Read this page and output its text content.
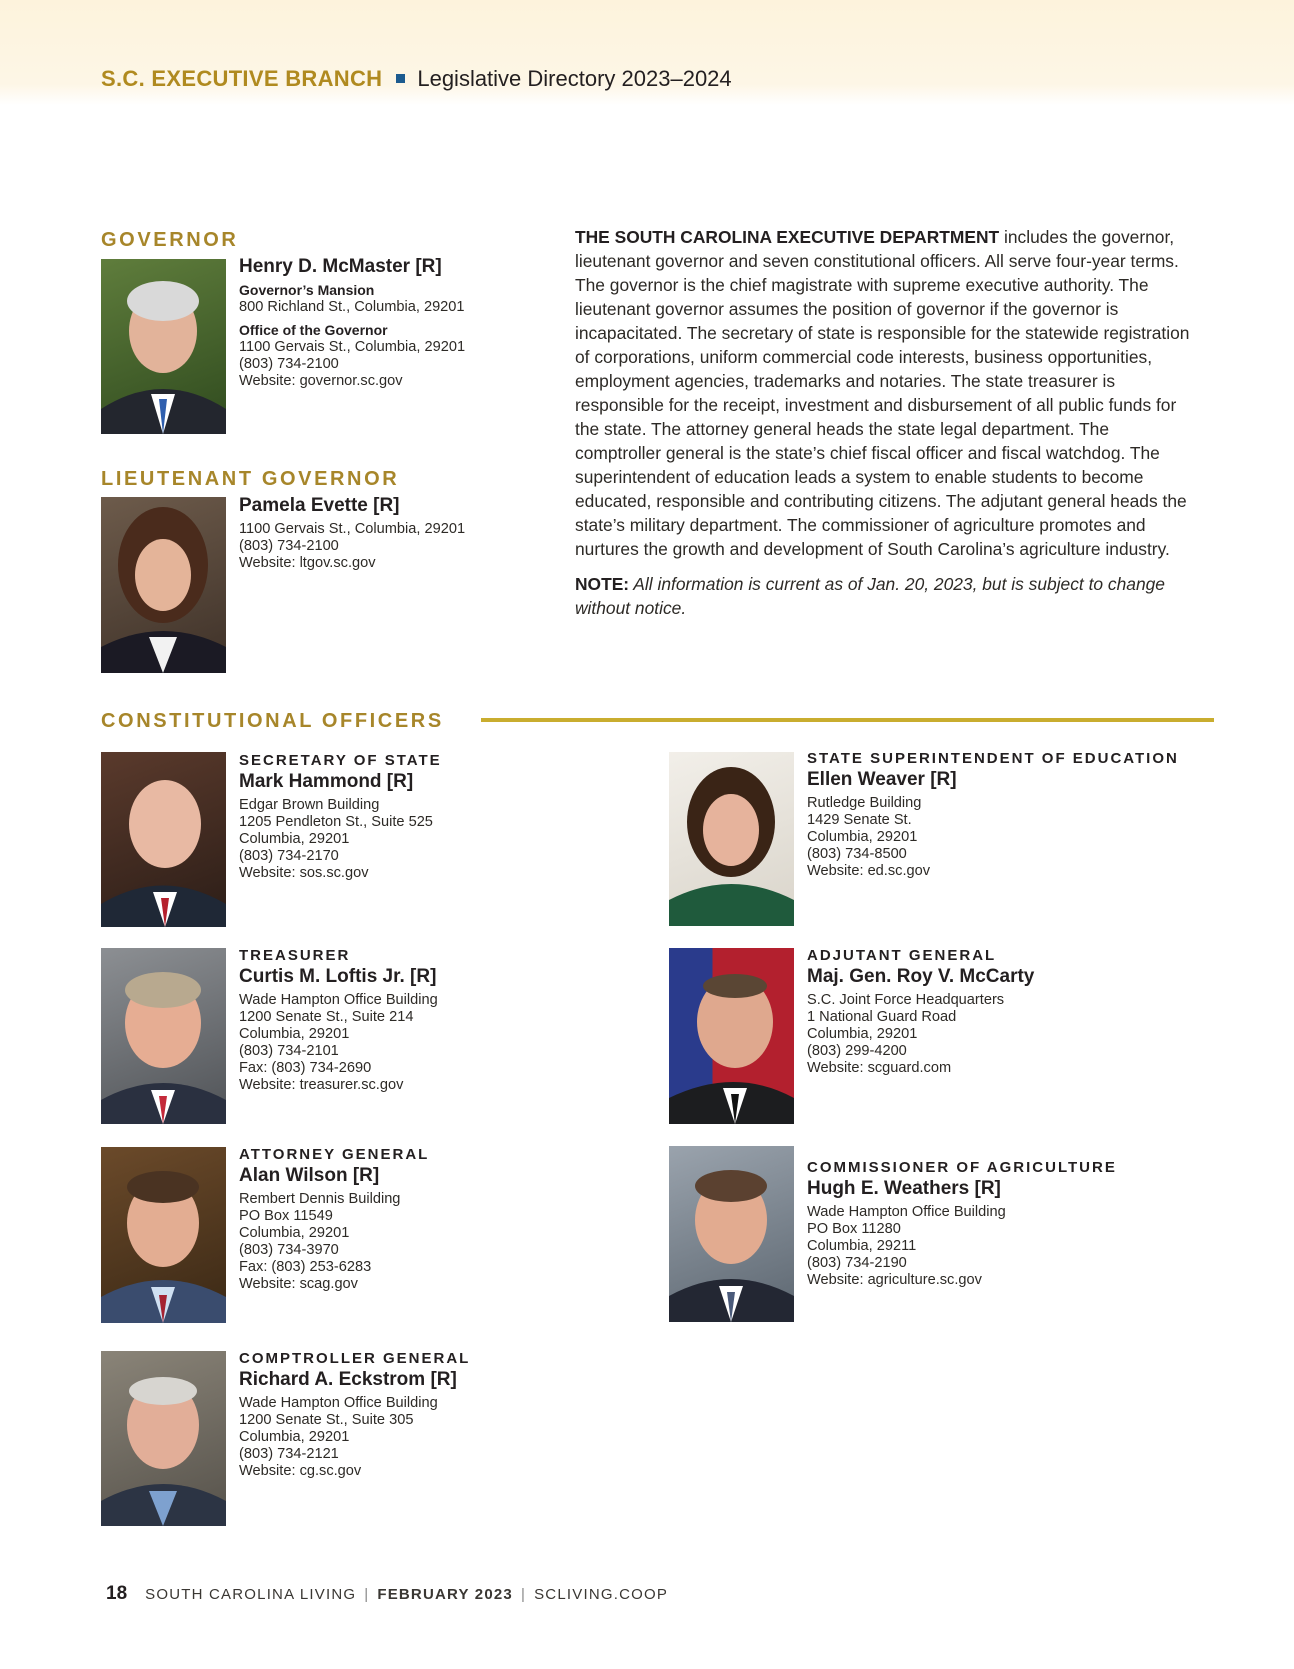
S.C. EXECUTIVE BRANCH Legislative Directory 2023–2024
GOVERNOR
Henry D. McMaster [R]
Governor’s Mansion
800 Richland St., Columbia, 29201
Office of the Governor
1100 Gervais St., Columbia, 29201
(803) 734-2100
Website: governor.sc.gov
LIEUTENANT GOVERNOR
Pamela Evette [R]
1100 Gervais St., Columbia, 29201
(803) 734-2100
Website: ltgov.sc.gov
THE SOUTH CAROLINA EXECUTIVE DEPARTMENT includes the governor, lieutenant governor and seven constitutional officers. All serve four-year terms. The governor is the chief magistrate with supreme executive authority. The lieutenant governor assumes the position of governor if the governor is incapacitated. The secretary of state is responsible for the statewide registration of corporations, uniform commercial code interests, business opportunities, employment agencies, trademarks and notaries. The state treasurer is responsible for the receipt, investment and disbursement of all public funds for the state. The attorney general heads the state legal department. The comptroller general is the state’s chief fiscal officer and fiscal watchdog. The superintendent of education leads a system to enable students to become educated, responsible and contributing citizens. The adjutant general heads the state’s military department. The commissioner of agriculture promotes and nurtures the growth and development of South Carolina’s agriculture industry.
NOTE: All information is current as of Jan. 20, 2023, but is subject to change without notice.
CONSTITUTIONAL OFFICERS
SECRETARY OF STATE
Mark Hammond [R]
Edgar Brown Building
1205 Pendleton St., Suite 525
Columbia, 29201
(803) 734-2170
Website: sos.sc.gov
TREASURER
Curtis M. Loftis Jr. [R]
Wade Hampton Office Building
1200 Senate St., Suite 214
Columbia, 29201
(803) 734-2101
Fax: (803) 734-2690
Website: treasurer.sc.gov
ATTORNEY GENERAL
Alan Wilson [R]
Rembert Dennis Building
PO Box 11549
Columbia, 29201
(803) 734-3970
Fax: (803) 253-6283
Website: scag.gov
COMPTROLLER GENERAL
Richard A. Eckstrom [R]
Wade Hampton Office Building
1200 Senate St., Suite 305
Columbia, 29201
(803) 734-2121
Website: cg.sc.gov
STATE SUPERINTENDENT OF EDUCATION
Ellen Weaver [R]
Rutledge Building
1429 Senate St.
Columbia, 29201
(803) 734-8500
Website: ed.sc.gov
ADJUTANT GENERAL
Maj. Gen. Roy V. McCarty
S.C. Joint Force Headquarters
1 National Guard Road
Columbia, 29201
(803) 299-4200
Website: scguard.com
COMMISSIONER OF AGRICULTURE
Hugh E. Weathers [R]
Wade Hampton Office Building
PO Box 11280
Columbia, 29211
(803) 734-2190
Website: agriculture.sc.gov
18 SOUTH CAROLINA LIVING | FEBRUARY 2023 | SCLIVING.COOP
